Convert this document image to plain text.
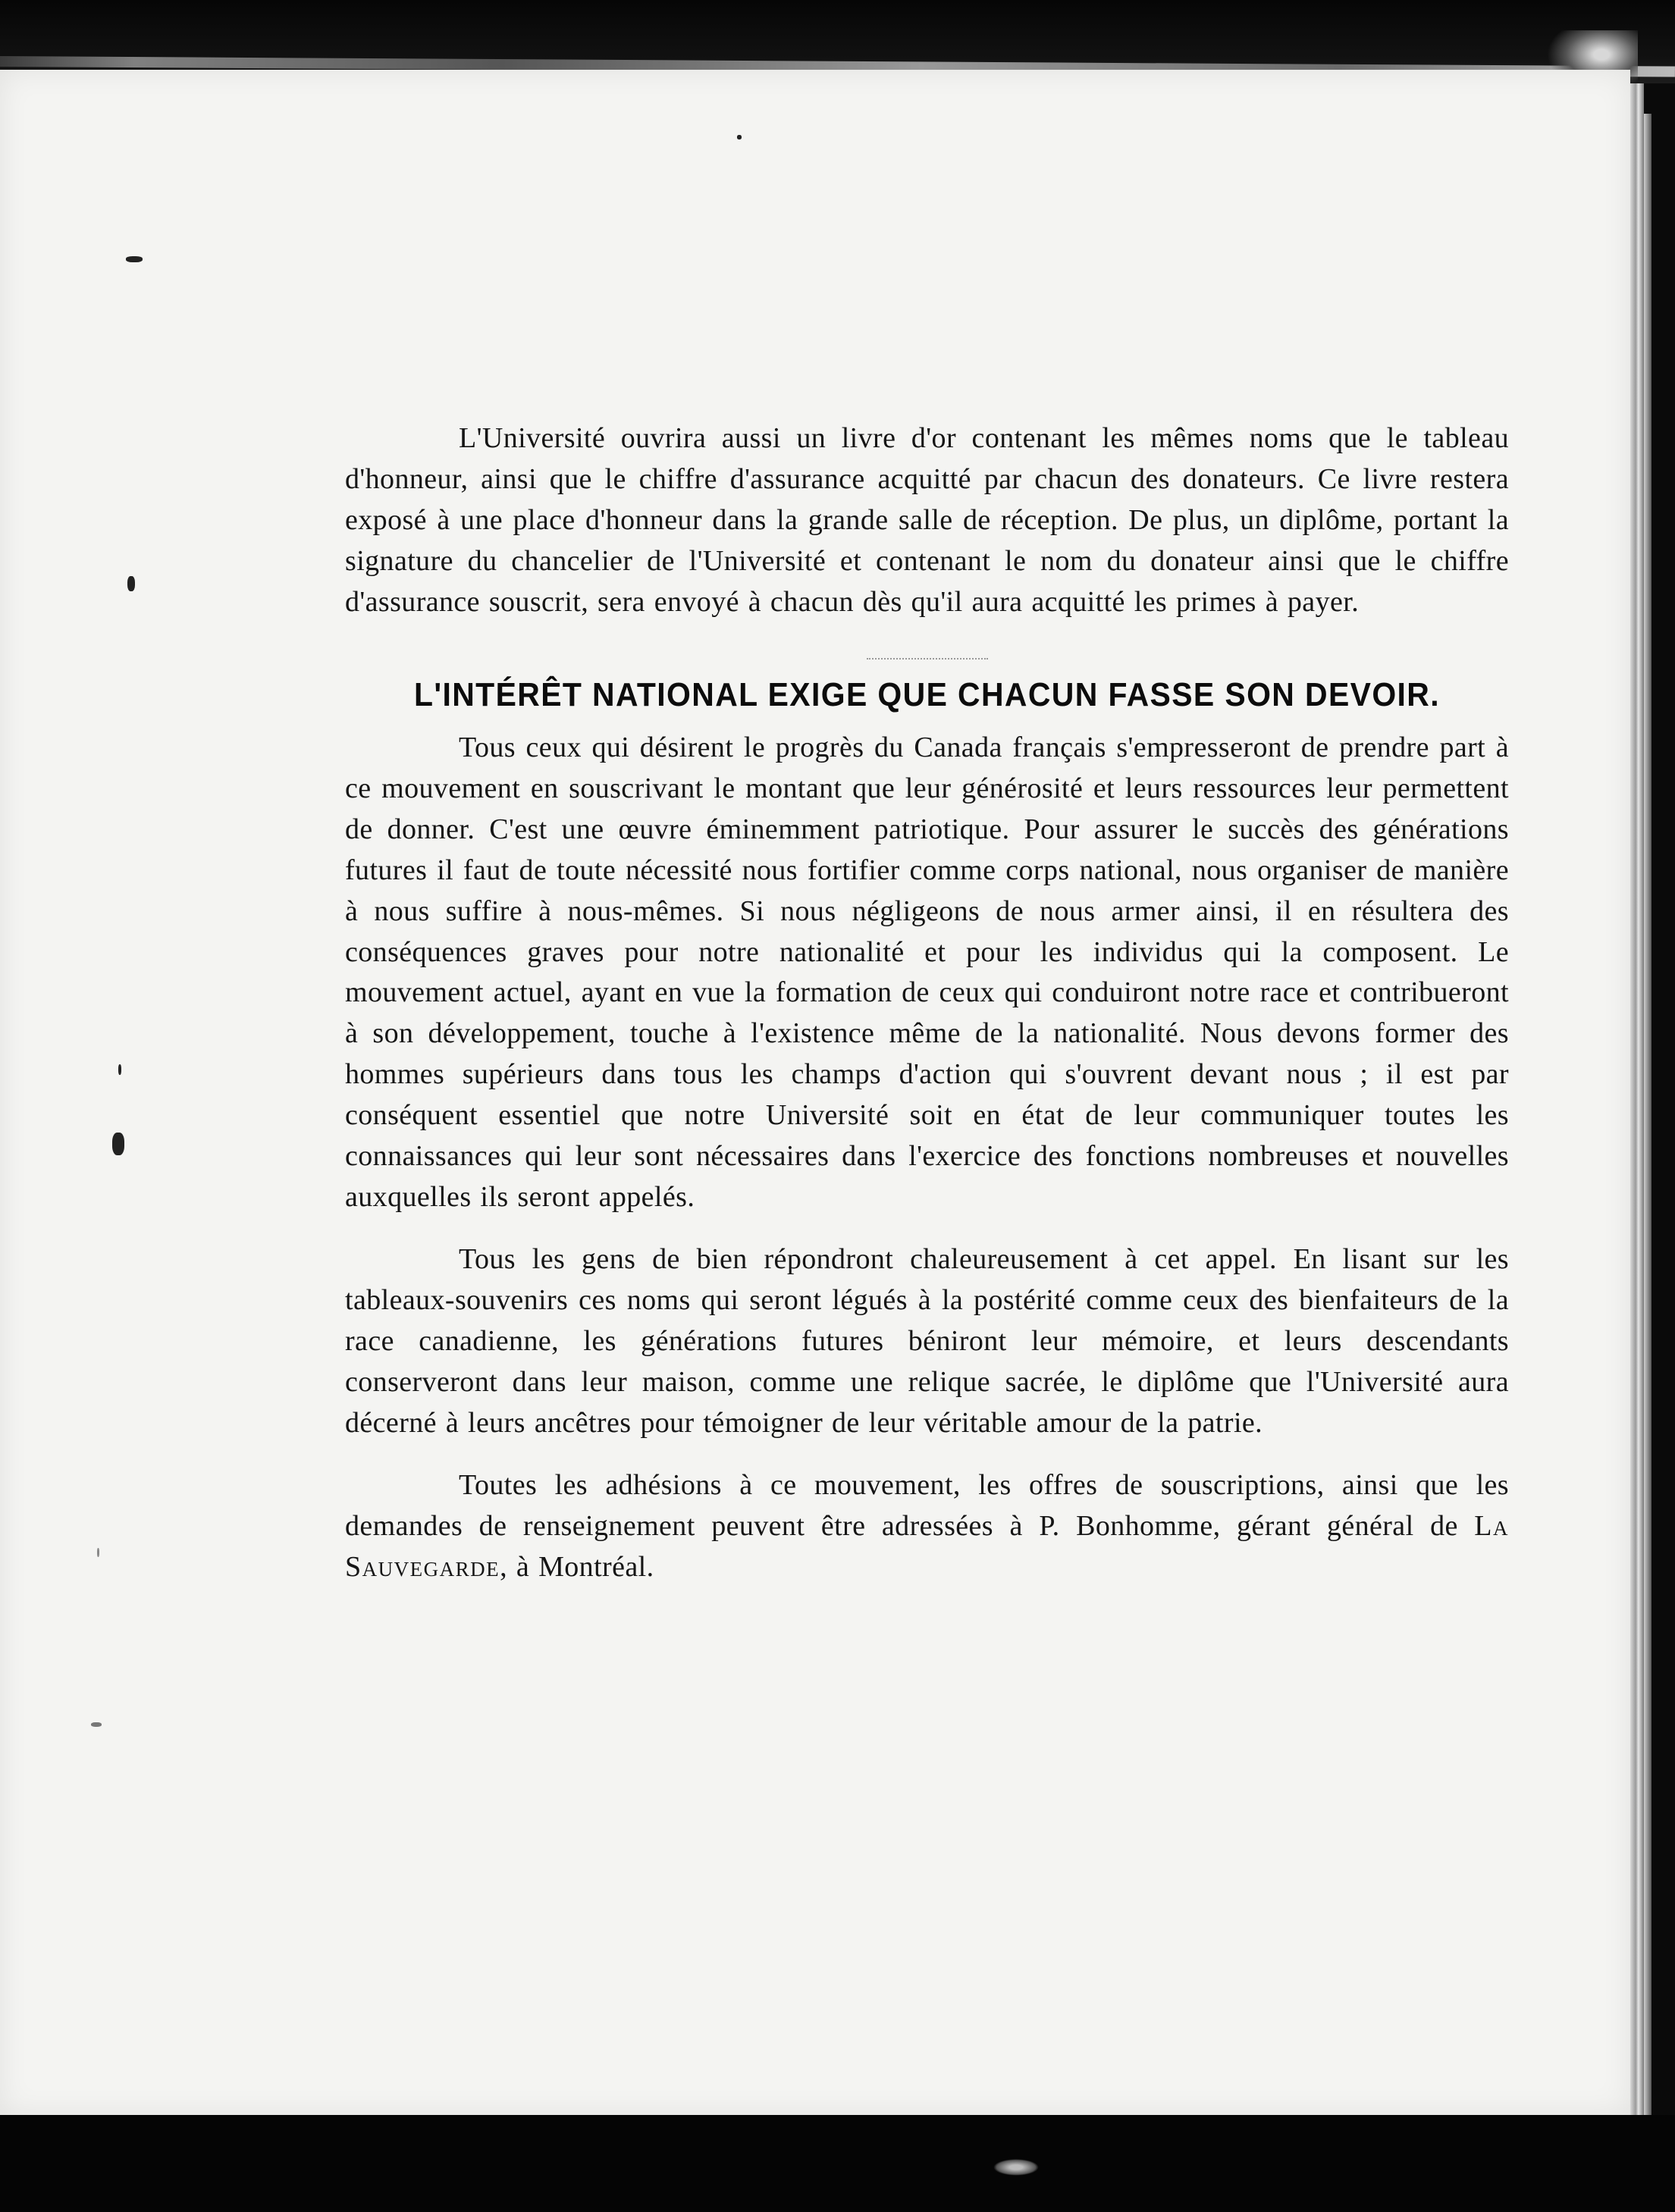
L'Université ouvrira aussi un livre d'or contenant les mêmes noms que le tableau d'honneur, ainsi que le chiffre d'assurance acquitté par chacun des donateurs. Ce livre restera exposé à une place d'honneur dans la grande salle de réception. De plus, un diplôme, portant la signature du chancelier de l'Université et contenant le nom du donateur ainsi que le chiffre d'assurance souscrit, sera envoyé à chacun dès qu'il aura acquitté les primes à payer.

L'INTÉRÊT NATIONAL EXIGE QUE CHACUN FASSE SON DEVOIR.

Tous ceux qui désirent le progrès du Canada français s'empresseront de prendre part à ce mouvement en souscrivant le montant que leur générosité et leurs ressources leur permettent de donner. C'est une œuvre éminemment patriotique. Pour assurer le succès des générations futures il faut de toute nécessité nous fortifier comme corps national, nous organiser de manière à nous suffire à nous-mêmes. Si nous négligeons de nous armer ainsi, il en résultera des conséquences graves pour notre nationalité et pour les individus qui la composent. Le mouvement actuel, ayant en vue la formation de ceux qui conduiront notre race et contribueront à son développement, touche à l'existence même de la nationalité. Nous devons former des hommes supérieurs dans tous les champs d'action qui s'ouvrent devant nous ; il est par conséquent essentiel que notre Université soit en état de leur communiquer toutes les connaissances qui leur sont nécessaires dans l'exercice des fonctions nombreuses et nouvelles auxquelles ils seront appelés.

Tous les gens de bien répondront chaleureusement à cet appel. En lisant sur les tableaux-souvenirs ces noms qui seront légués à la postérité comme ceux des bienfaiteurs de la race canadienne, les générations futures béniront leur mémoire, et leurs descendants conserveront dans leur maison, comme une relique sacrée, le diplôme que l'Université aura décerné à leurs ancêtres pour témoigner de leur véritable amour de la patrie.

Toutes les adhésions à ce mouvement, les offres de souscriptions, ainsi que les demandes de renseignement peuvent être adressées à P. Bonhomme, gérant général de La Sauvegarde, à Montréal.
